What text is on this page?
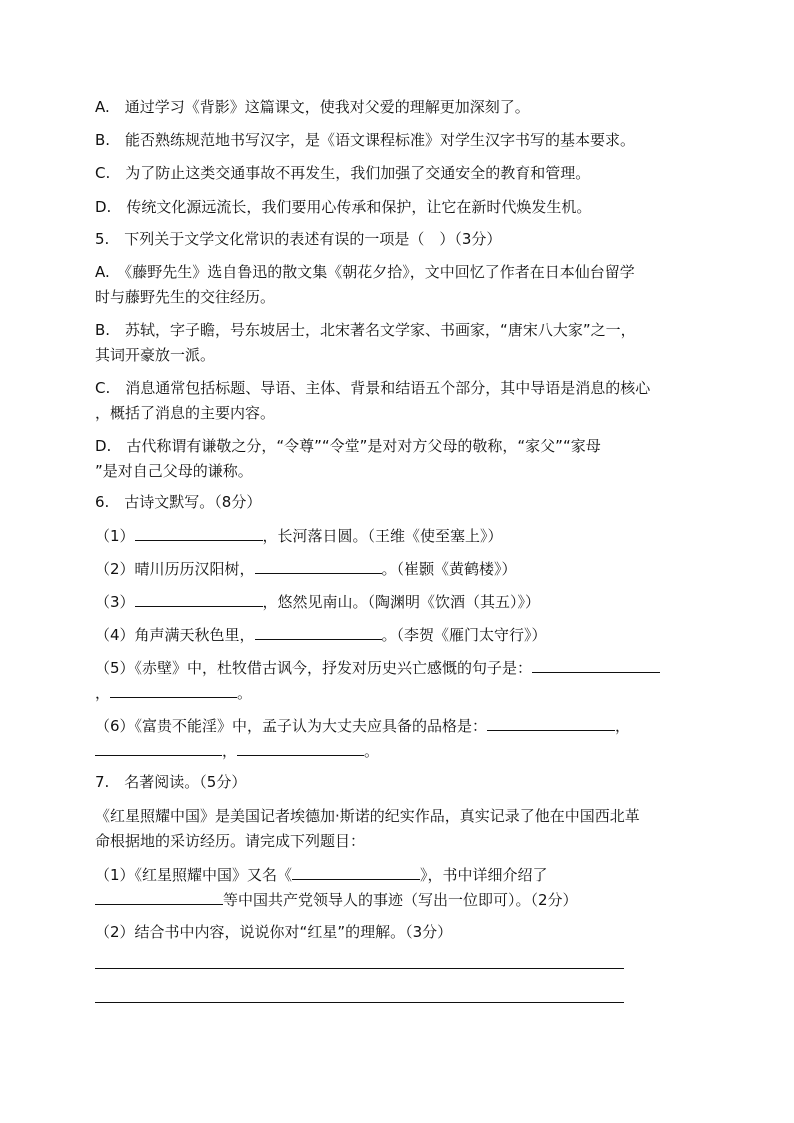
A.　通过学习《背影》这篇课文，使我对父爱的理解更加深刻了。
B.　能否熟练规范地书写汉字，是《语文课程标准》对学生汉字书写的基本要求。
C.　为了防止这类交通事故不再发生，我们加强了交通安全的教育和管理。
D.　传统文化源远流长，我们要用心传承和保护，让它在新时代焕发生机。
5.　下列关于文学文化常识的表述有误的一项是（　）（3分）
A.　《藤野先生》选自鲁迅的散文集《朝花夕拾》，文中回忆了作者在日本仙台留学
时与藤野先生的交往经历。
B.　苏轼，字子瞻，号东坡居士，北宋著名文学家、书画家，“唐宋八大家”之一，
其词开豪放一派。
C.　消息通常包括标题、导语、主体、背景和结语五个部分，其中导语是消息的核心
，概括了消息的主要内容。
D.　古代称谓有谦敬之分，“令尊”“令堂”是对对方父母的敬称，“家父”“家母
”是对自己父母的谦称。
6.　古诗文默写。（8分）
（1）	，长河落日圆。（王维《使至塞上》）
（2）晴川历历汉阳树，	。（崔颢《黄鹤楼》）
（3）	，悠然见南山。（陶渊明《饮酒（其五）》）
（4）角声满天秋色里，	。（李贺《雁门太守行》）
（5）《赤壁》中，杜牧借古讽今，抒发对历史兴亡感慨的句子是：
，	。
（6）《富贵不能淫》中，孟子认为大丈夫应具备的品格是：	，
，	。
7.　名著阅读。（5分）
《红星照耀中国》是美国记者埃德加·斯诺的纪实作品，真实记录了他在中国西北革
命根据地的采访经历。请完成下列题目：
（1）《红星照耀中国》又名《	》，书中详细介绍了
等中国共产党领导人的事迹（写出一位即可）。（2分）
（2）结合书中内容，说说你对“红星”的理解。（3分）
